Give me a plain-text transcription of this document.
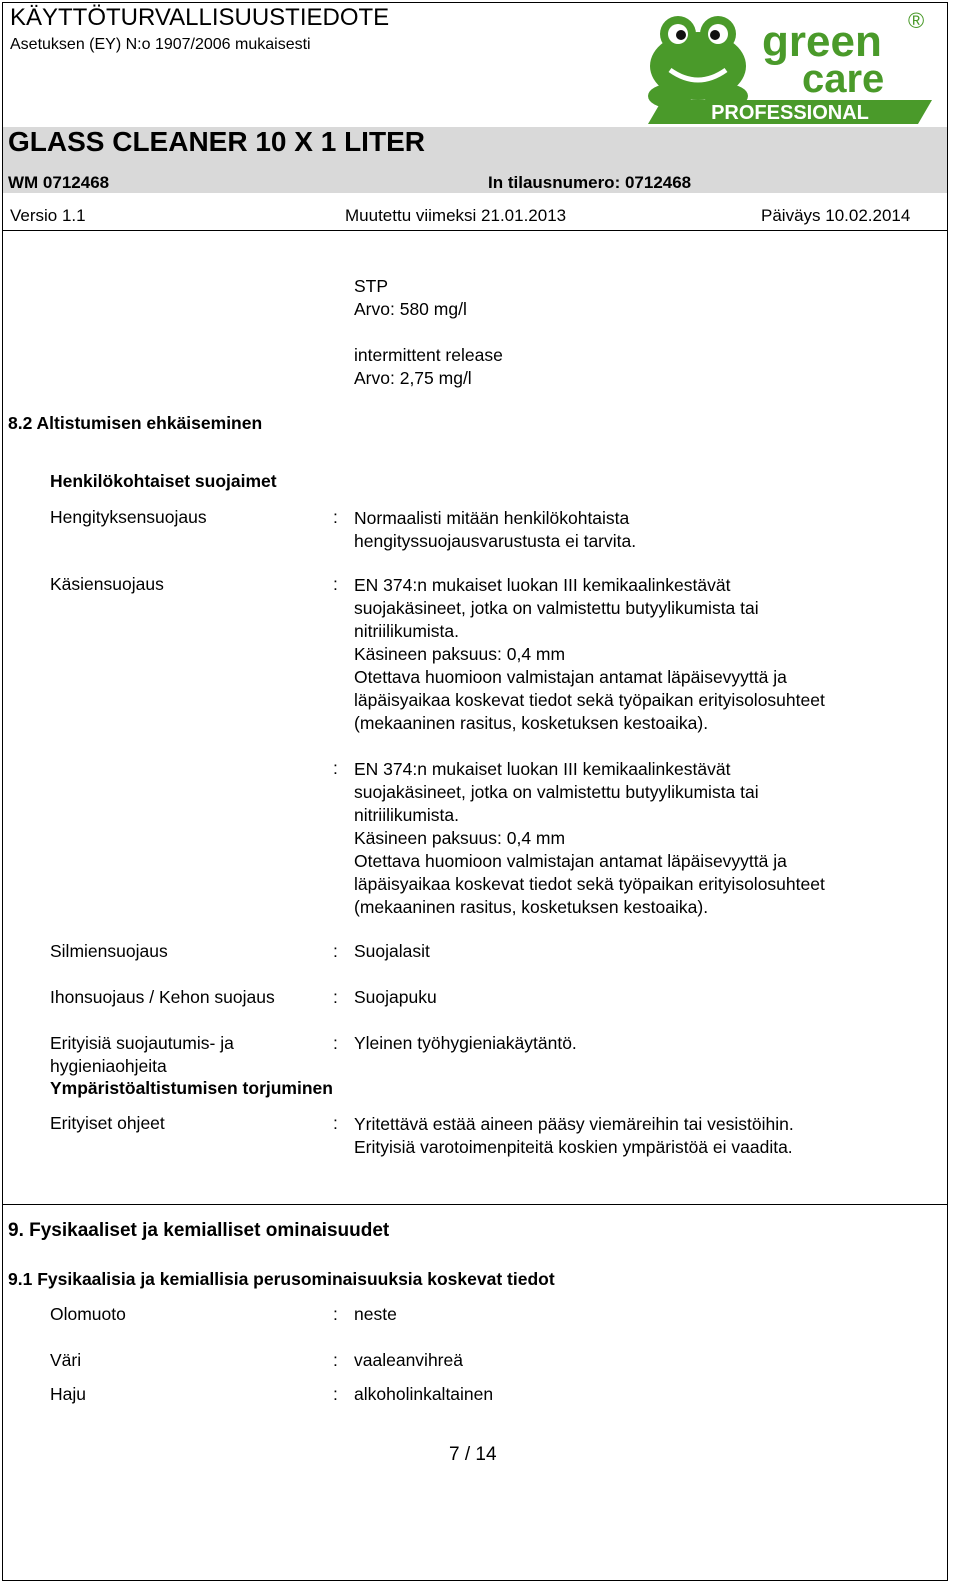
KÄYTTÖTURVALLISUUSTIEDOTE
Asetuksen (EY) N:o 1907/2006 mukaisesti
PROFESSIONAL
green
care
®
GLASS CLEANER 10 X 1 LITER
WM 0712468	In tilausnumero: 0712468
Versio 1.1	Muutettu viimeksi 21.01.2013	Päiväys 10.02.2014
STP
Arvo: 580 mg/l
intermittent release
Arvo: 2,75 mg/l
8.2 Altistumisen ehkäiseminen
Henkilökohtaiset suojaimet
Hengityksensuojaus	: Normaalisti mitään henkilökohtaista
hengityssuojausvarustusta ei tarvita.
Käsiensuojaus	: EN 374:n mukaiset luokan III kemikaalinkestävät
suojakäsineet, jotka on valmistettu butyylikumista tai
nitriilikumista.
Käsineen paksuus: 0,4 mm
Otettava huomioon valmistajan antamat läpäisevyyttä ja
läpäisyaikaa koskevat tiedot sekä työpaikan erityisolosuhteet
(mekaaninen rasitus, kosketuksen kestoaika).
: EN 374:n mukaiset luokan III kemikaalinkestävät
suojakäsineet, jotka on valmistettu butyylikumista tai
nitriilikumista.
Käsineen paksuus: 0,4 mm
Otettava huomioon valmistajan antamat läpäisevyyttä ja
läpäisyaikaa koskevat tiedot sekä työpaikan erityisolosuhteet
(mekaaninen rasitus, kosketuksen kestoaika).
Silmiensuojaus	: Suojalasit
Ihonsuojaus / Kehon suojaus	: Suojapuku
Erityisiä suojautumis- ja
hygieniaohjeita
: Yleinen työhygieniakäytäntö.
Ympäristöaltistumisen torjuminen
Erityiset ohjeet	: Yritettävä estää aineen pääsy viemäreihin tai vesistöihin.
Erityisiä varotoimenpiteitä koskien ympäristöä ei vaadita.
9. Fysikaaliset ja kemialliset ominaisuudet
9.1 Fysikaalisia ja kemiallisia perusominaisuuksia koskevat tiedot
Olomuoto	: neste
Väri	: vaaleanvihreä
Haju	: alkoholinkaltainen
7 / 14
